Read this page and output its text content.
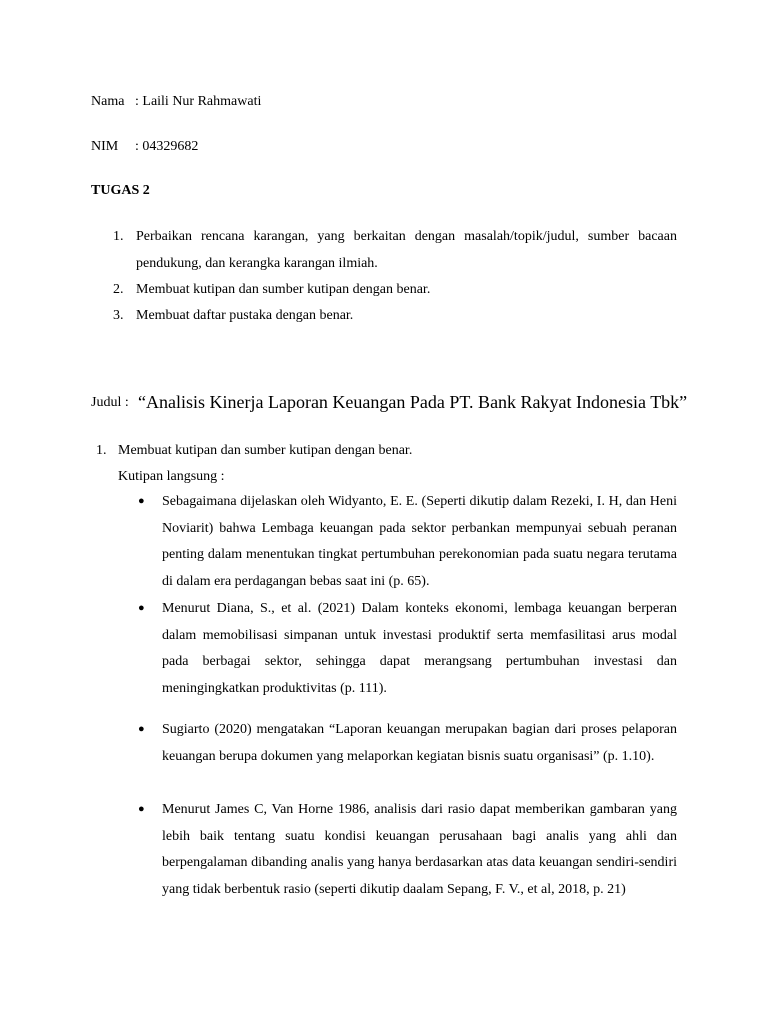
Nama : Laili Nur Rahmawati
NIM : 04329682
TUGAS 2
1. Perbaikan rencana karangan, yang berkaitan dengan masalah/topik/judul, sumber bacaan pendukung, dan kerangka karangan ilmiah.
2. Membuat kutipan dan sumber kutipan dengan benar.
3. Membuat daftar pustaka dengan benar.
Judul : “Analisis Kinerja Laporan Keuangan Pada PT. Bank Rakyat Indonesia Tbk”
1. Membuat kutipan dan sumber kutipan dengan benar.
Kutipan langsung :
● Sebagaimana dijelaskan oleh Widyanto, E. E. (Seperti dikutip dalam Rezeki, I. H, dan Heni Noviarit) bahwa Lembaga keuangan pada sektor perbankan mempunyai sebuah peranan penting dalam menentukan tingkat pertumbuhan perekonomian pada suatu negara terutama di dalam era perdagangan bebas saat ini (p. 65).
● Menurut Diana, S., et al. (2021) Dalam konteks ekonomi, lembaga keuangan berperan dalam memobilisasi simpanan untuk investasi produktif serta memfasilitasi arus modal pada berbagai sektor, sehingga dapat merangsang pertumbuhan investasi dan meningingkatkan produktivitas (p. 111).
● Sugiarto (2020) mengatakan “Laporan keuangan merupakan bagian dari proses pelaporan keuangan berupa dokumen yang melaporkan kegiatan bisnis suatu organisasi” (p. 1.10).
● Menurut James C, Van Horne 1986, analisis dari rasio dapat memberikan gambaran yang lebih baik tentang suatu kondisi keuangan perusahaan bagi analis yang ahli dan berpengalaman dibanding analis yang hanya berdasarkan atas data keuangan sendiri-sendiri yang tidak berbentuk rasio (seperti dikutip daalam Sepang, F. V., et al, 2018, p. 21)
